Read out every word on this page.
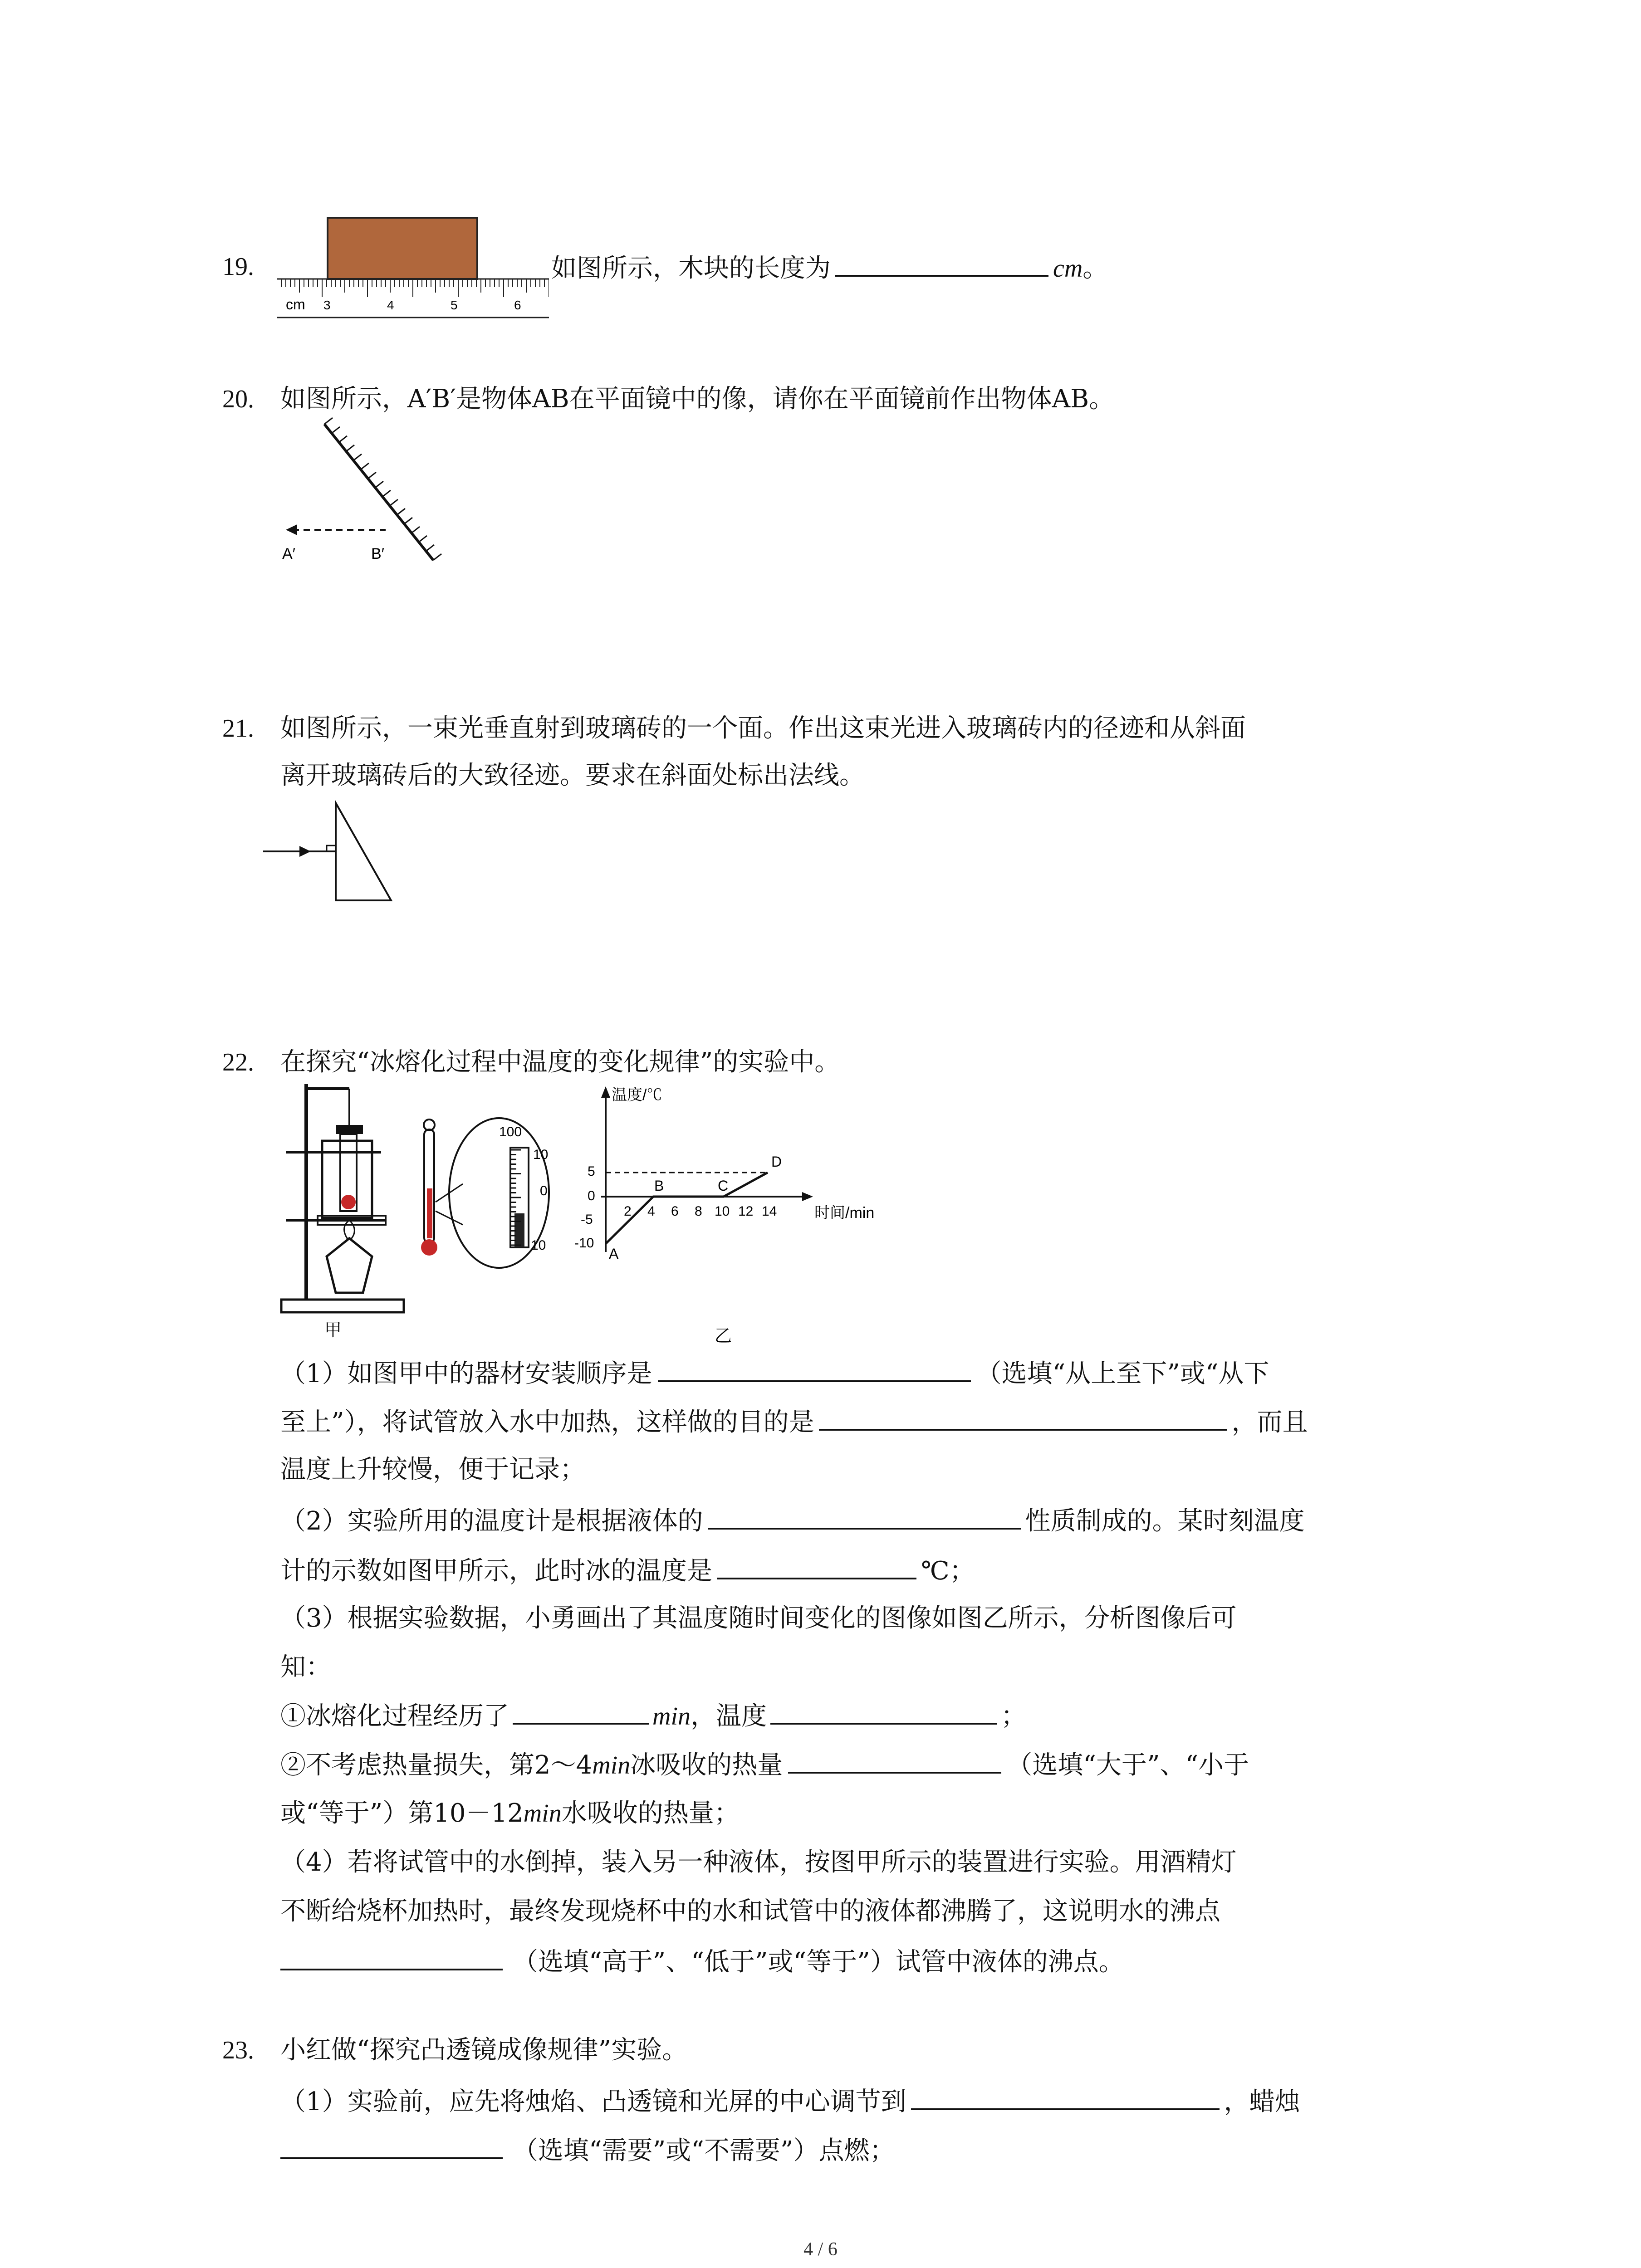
19.
cm 3	4	5	6
如图所示，木块的长度为	cm。
20. 如图所示，A′B′是物体AB在平面镜中的像，请你在平面镜前作出物体AB。
A′	B′
21. 如图所示，一束光垂直射到玻璃砖的一个面。作出这束光进入玻璃砖内的径迹和从斜面
离开玻璃砖后的大致径迹。要求在斜面处标出法线。
22. 在探究“冰熔化过程中温度的变化规律”的实验中。
甲
100
10
0
10
温度/℃
时间/min
5
0
-5
-10
2 4 6 8 10 12 14
A
B	C
D
乙
（1）如图甲中的器材安装顺序是	（选填“从上至下”或“从下
至上”），将试管放入水中加热，这样做的目的是	，而且
温度上升较慢，便于记录；
（2）实验所用的温度计是根据液体的	性质制成的。某时刻温度
计的示数如图甲所示，此时冰的温度是	℃；
（3）根据实验数据，小勇画出了其温度随时间变化的图像如图乙所示，分析图像后可
知：
①冰熔化过程经历了	min，温度	；
②不考虑热量损失，第2～4min冰吸收的热量	（选填“大于”、“小于
或“等于”）第10－12min水吸收的热量；
（4）若将试管中的水倒掉，装入另一种液体，按图甲所示的装置进行实验。用酒精灯
不断给烧杯加热时，最终发现烧杯中的水和试管中的液体都沸腾了，这说明水的沸点
（选填“高于”、“低于”或“等于”）试管中液体的沸点。
23. 小红做“探究凸透镜成像规律”实验。
（1）实验前，应先将烛焰、凸透镜和光屏的中心调节到	，蜡烛
（选填“需要”或“不需要”）点燃；
4 / 6
